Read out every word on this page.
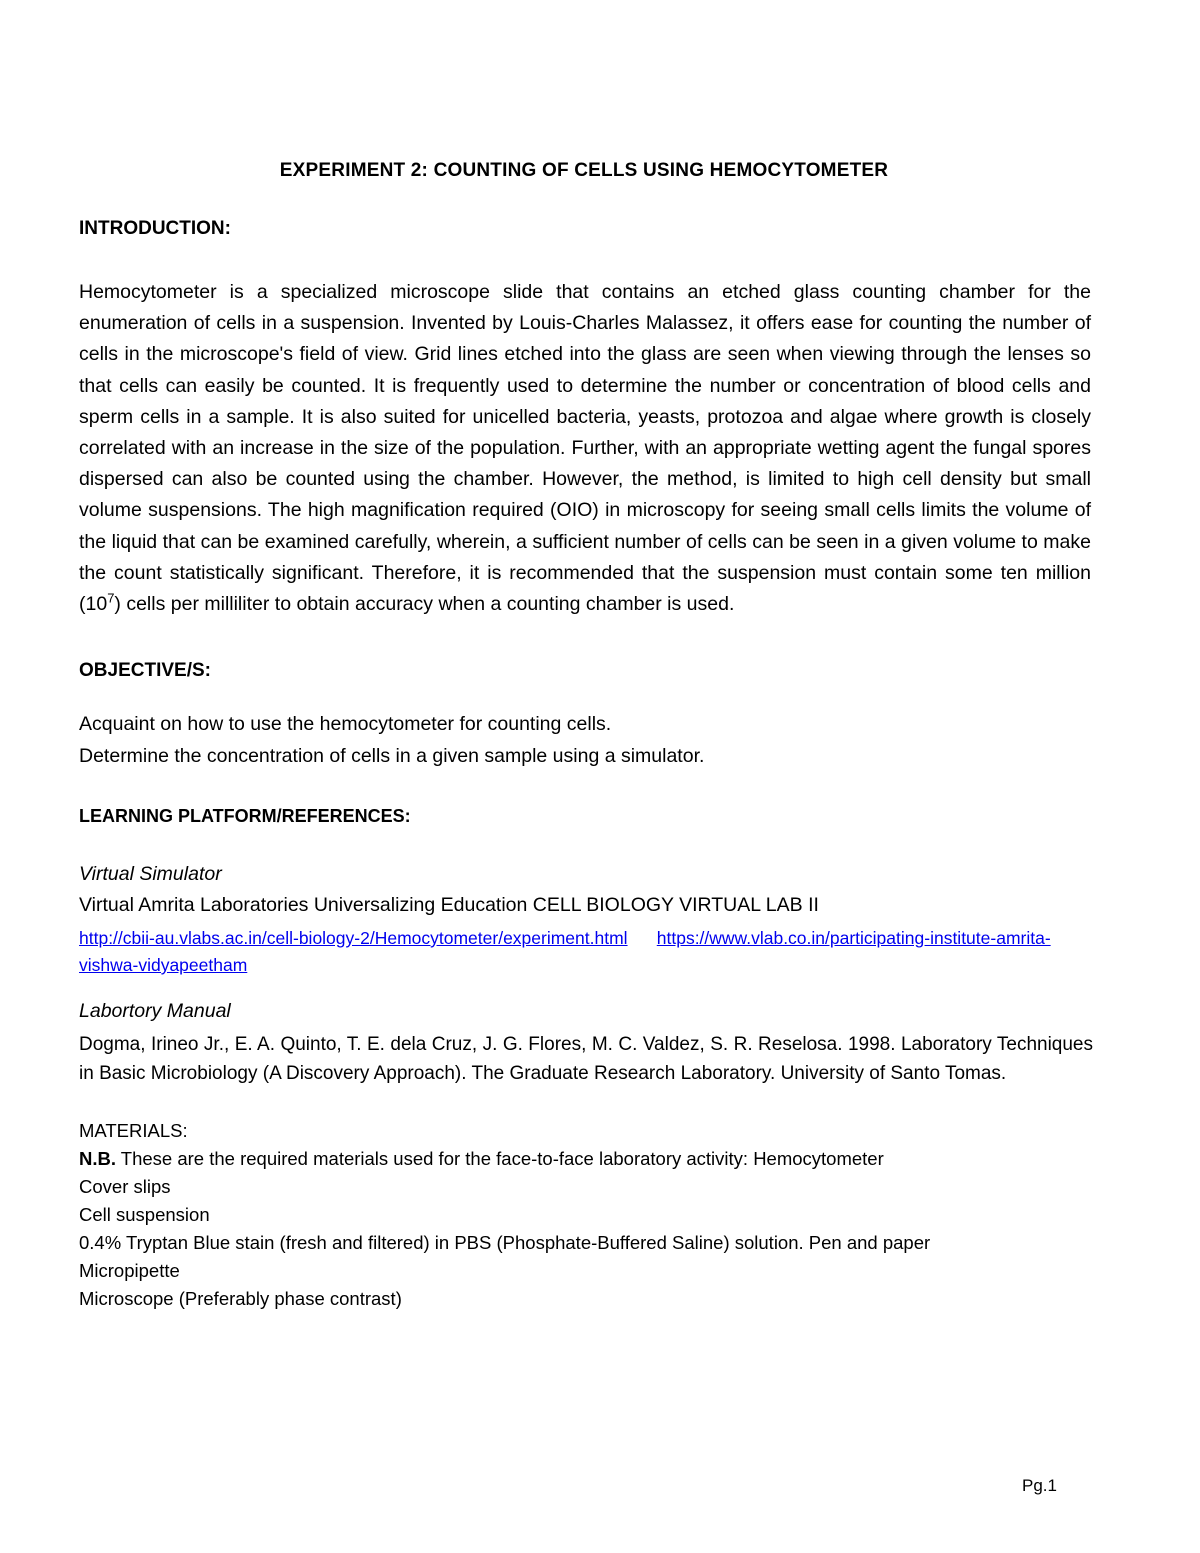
EXPERIMENT 2: COUNTING OF CELLS USING HEMOCYTOMETER
INTRODUCTION:
Hemocytometer is a specialized microscope slide that contains an etched glass counting chamber for the enumeration of cells in a suspension. Invented by Louis-Charles Malassez, it offers ease for counting the number of cells in the microscope's field of view. Grid lines etched into the glass are seen when viewing through the lenses so that cells can easily be counted. It is frequently used to determine the number or concentration of blood cells and sperm cells in a sample. It is also suited for unicelled bacteria, yeasts, protozoa and algae where growth is closely correlated with an increase in the size of the population. Further, with an appropriate wetting agent the fungal spores dispersed can also be counted using the chamber. However, the method, is limited to high cell density but small volume suspensions. The high magnification required (OIO) in microscopy for seeing small cells limits the volume of the liquid that can be examined carefully, wherein, a sufficient number of cells can be seen in a given volume to make the count statistically significant. Therefore, it is recommended that the suspension must contain some ten million $(10^7)$ cells per milliliter to obtain accuracy when a counting chamber is used.
OBJECTIVE/S:
Acquaint on how to use the hemocytometer for counting cells.
Determine the concentration of cells in a given sample using a simulator.
LEARNING PLATFORM/REFERENCES:
Virtual Simulator
Virtual Amrita Laboratories Universalizing Education CELL BIOLOGY VIRTUAL LAB II
http://cbii-au.vlabs.ac.in/cell-biology-2/Hemocytometer/experiment.html https://www.vlab.co.in/participating-institute-amrita-vishwa-vidyapeetham
Labortory Manual
Dogma, Irineo Jr., E. A. Quinto, T. E. dela Cruz, J. G. Flores, M. C. Valdez, S. R. Reselosa. 1998. Laboratory Techniques in Basic Microbiology (A Discovery Approach). The Graduate Research Laboratory. University of Santo Tomas.
MATERIALS:
N.B. These are the required materials used for the face-to-face laboratory activity: Hemocytometer
Cover slips
Cell suspension
0.4% Tryptan Blue stain (fresh and filtered) in PBS (Phosphate-Buffered Saline) solution. Pen and paper
Micropipette
Microscope (Preferably phase contrast)
Pg.1
